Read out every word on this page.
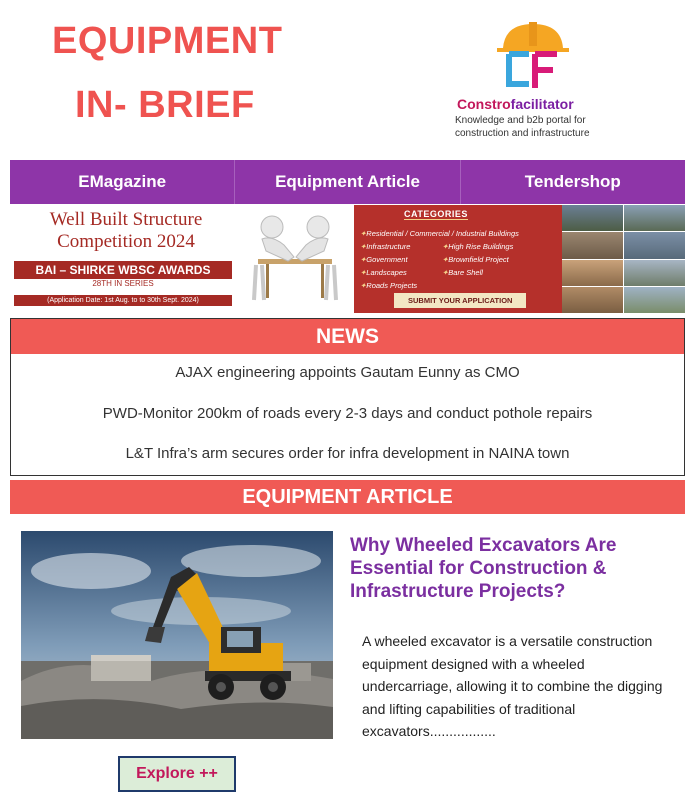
EQUIPMENT
IN- BRIEF	Constrofacilitator
Knowledge and b2b portal for
construction and infrastructure
EMagazine	Equipment Article	Tendershop
Well Built Structure
Competition 2024
BAI – SHIRKE WBSC AWARDS
28TH IN SERIES
(Application Date: 1st Aug. to to 30th Sept. 2024)
CATEGORIES
✦ Residential / Commercial / Industrial Buildings
✦ Infrastructure
✦ Government
✦ Landscapes
✦ Roads Projects
✦ High Rise Buildings
✦ Brownfield Project
✦ Bare Shell
SUBMIT YOUR APPLICATION
NEWS
AJAX engineering appoints Gautam Eunny as CMO
PWD-Monitor 200km of roads every 2-3 days and conduct pothole repairs
L&T Infra’s arm secures order for infra development in NAINA town
EQUIPMENT ARTICLE
Why Wheeled Excavators Are Essential for Construction & Infrastructure Projects?
A wheeled excavator is a versatile construction equipment designed with a wheeled undercarriage, allowing it to combine the digging and lifting capabilities of traditional excavators.................
Explore ++
